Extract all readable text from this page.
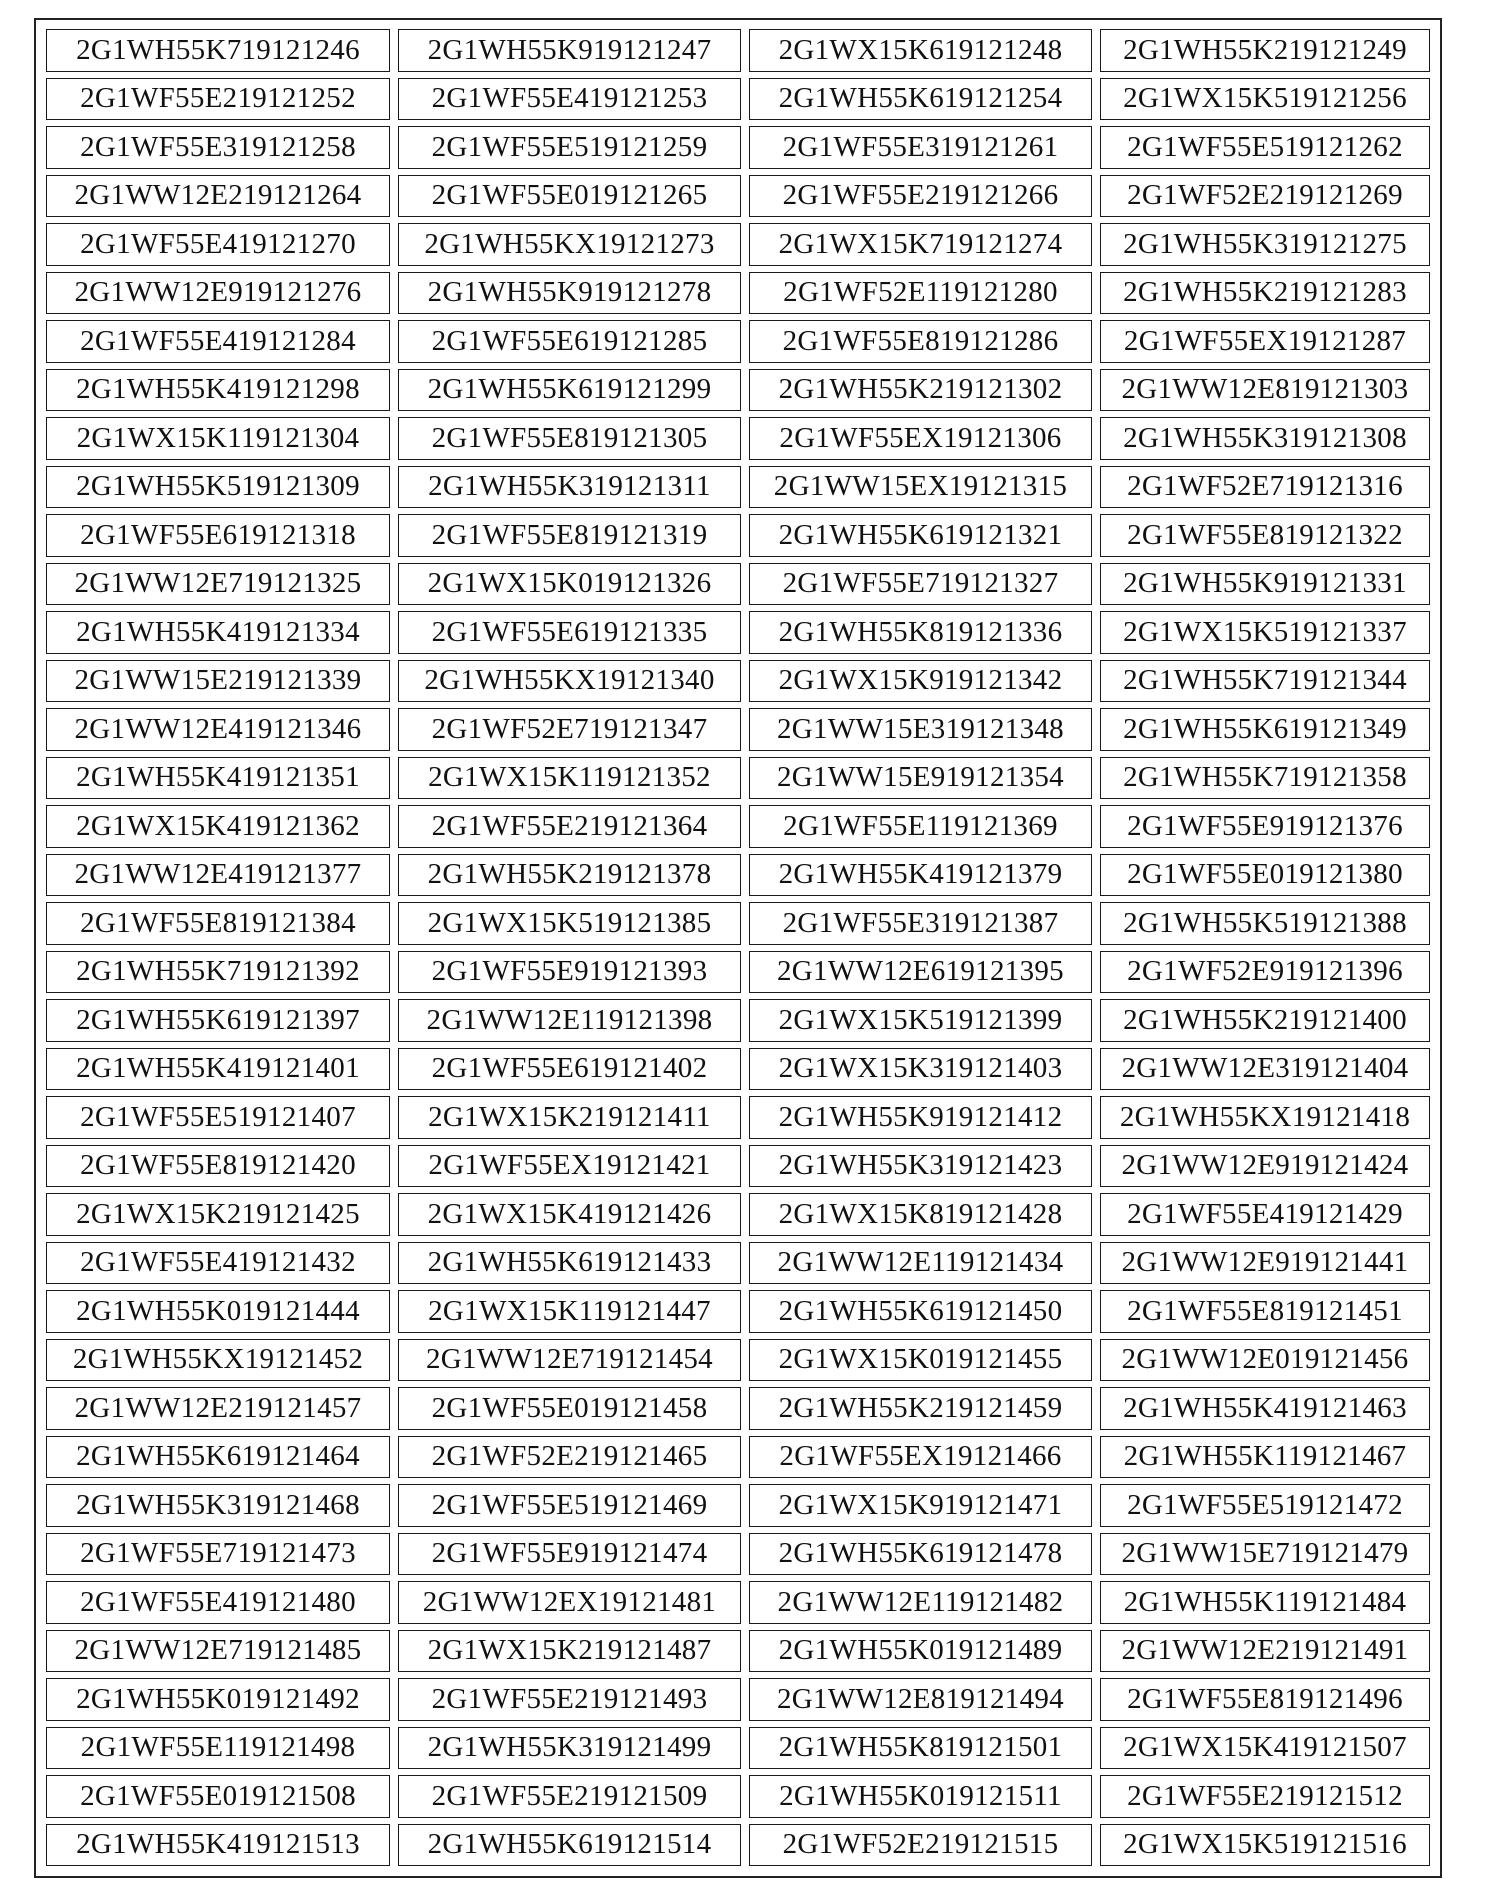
2G1WH55K719121246	2G1WH55K919121247	2G1WX15K619121248	2G1WH55K219121249
2G1WF55E219121252	2G1WF55E419121253	2G1WH55K619121254	2G1WX15K519121256
2G1WF55E319121258	2G1WF55E519121259	2G1WF55E319121261	2G1WF55E519121262
2G1WW12E219121264	2G1WF55E019121265	2G1WF55E219121266	2G1WF52E219121269
2G1WF55E419121270	2G1WH55KX19121273	2G1WX15K719121274	2G1WH55K319121275
2G1WW12E919121276	2G1WH55K919121278	2G1WF52E119121280	2G1WH55K219121283
2G1WF55E419121284	2G1WF55E619121285	2G1WF55E819121286	2G1WF55EX19121287
2G1WH55K419121298	2G1WH55K619121299	2G1WH55K219121302	2G1WW12E819121303
2G1WX15K119121304	2G1WF55E819121305	2G1WF55EX19121306	2G1WH55K319121308
2G1WH55K519121309	2G1WH55K319121311	2G1WW15EX19121315	2G1WF52E719121316
2G1WF55E619121318	2G1WF55E819121319	2G1WH55K619121321	2G1WF55E819121322
2G1WW12E719121325	2G1WX15K019121326	2G1WF55E719121327	2G1WH55K919121331
2G1WH55K419121334	2G1WF55E619121335	2G1WH55K819121336	2G1WX15K519121337
2G1WW15E219121339	2G1WH55KX19121340	2G1WX15K919121342	2G1WH55K719121344
2G1WW12E419121346	2G1WF52E719121347	2G1WW15E319121348	2G1WH55K619121349
2G1WH55K419121351	2G1WX15K119121352	2G1WW15E919121354	2G1WH55K719121358
2G1WX15K419121362	2G1WF55E219121364	2G1WF55E119121369	2G1WF55E919121376
2G1WW12E419121377	2G1WH55K219121378	2G1WH55K419121379	2G1WF55E019121380
2G1WF55E819121384	2G1WX15K519121385	2G1WF55E319121387	2G1WH55K519121388
2G1WH55K719121392	2G1WF55E919121393	2G1WW12E619121395	2G1WF52E919121396
2G1WH55K619121397	2G1WW12E119121398	2G1WX15K519121399	2G1WH55K219121400
2G1WH55K419121401	2G1WF55E619121402	2G1WX15K319121403	2G1WW12E319121404
2G1WF55E519121407	2G1WX15K219121411	2G1WH55K919121412	2G1WH55KX19121418
2G1WF55E819121420	2G1WF55EX19121421	2G1WH55K319121423	2G1WW12E919121424
2G1WX15K219121425	2G1WX15K419121426	2G1WX15K819121428	2G1WF55E419121429
2G1WF55E419121432	2G1WH55K619121433	2G1WW12E119121434	2G1WW12E919121441
2G1WH55K019121444	2G1WX15K119121447	2G1WH55K619121450	2G1WF55E819121451
2G1WH55KX19121452	2G1WW12E719121454	2G1WX15K019121455	2G1WW12E019121456
2G1WW12E219121457	2G1WF55E019121458	2G1WH55K219121459	2G1WH55K419121463
2G1WH55K619121464	2G1WF52E219121465	2G1WF55EX19121466	2G1WH55K119121467
2G1WH55K319121468	2G1WF55E519121469	2G1WX15K919121471	2G1WF55E519121472
2G1WF55E719121473	2G1WF55E919121474	2G1WH55K619121478	2G1WW15E719121479
2G1WF55E419121480	2G1WW12EX19121481	2G1WW12E119121482	2G1WH55K119121484
2G1WW12E719121485	2G1WX15K219121487	2G1WH55K019121489	2G1WW12E219121491
2G1WH55K019121492	2G1WF55E219121493	2G1WW12E819121494	2G1WF55E819121496
2G1WF55E119121498	2G1WH55K319121499	2G1WH55K819121501	2G1WX15K419121507
2G1WF55E019121508	2G1WF55E219121509	2G1WH55K019121511	2G1WF55E219121512
2G1WH55K419121513	2G1WH55K619121514	2G1WF52E219121515	2G1WX15K519121516
